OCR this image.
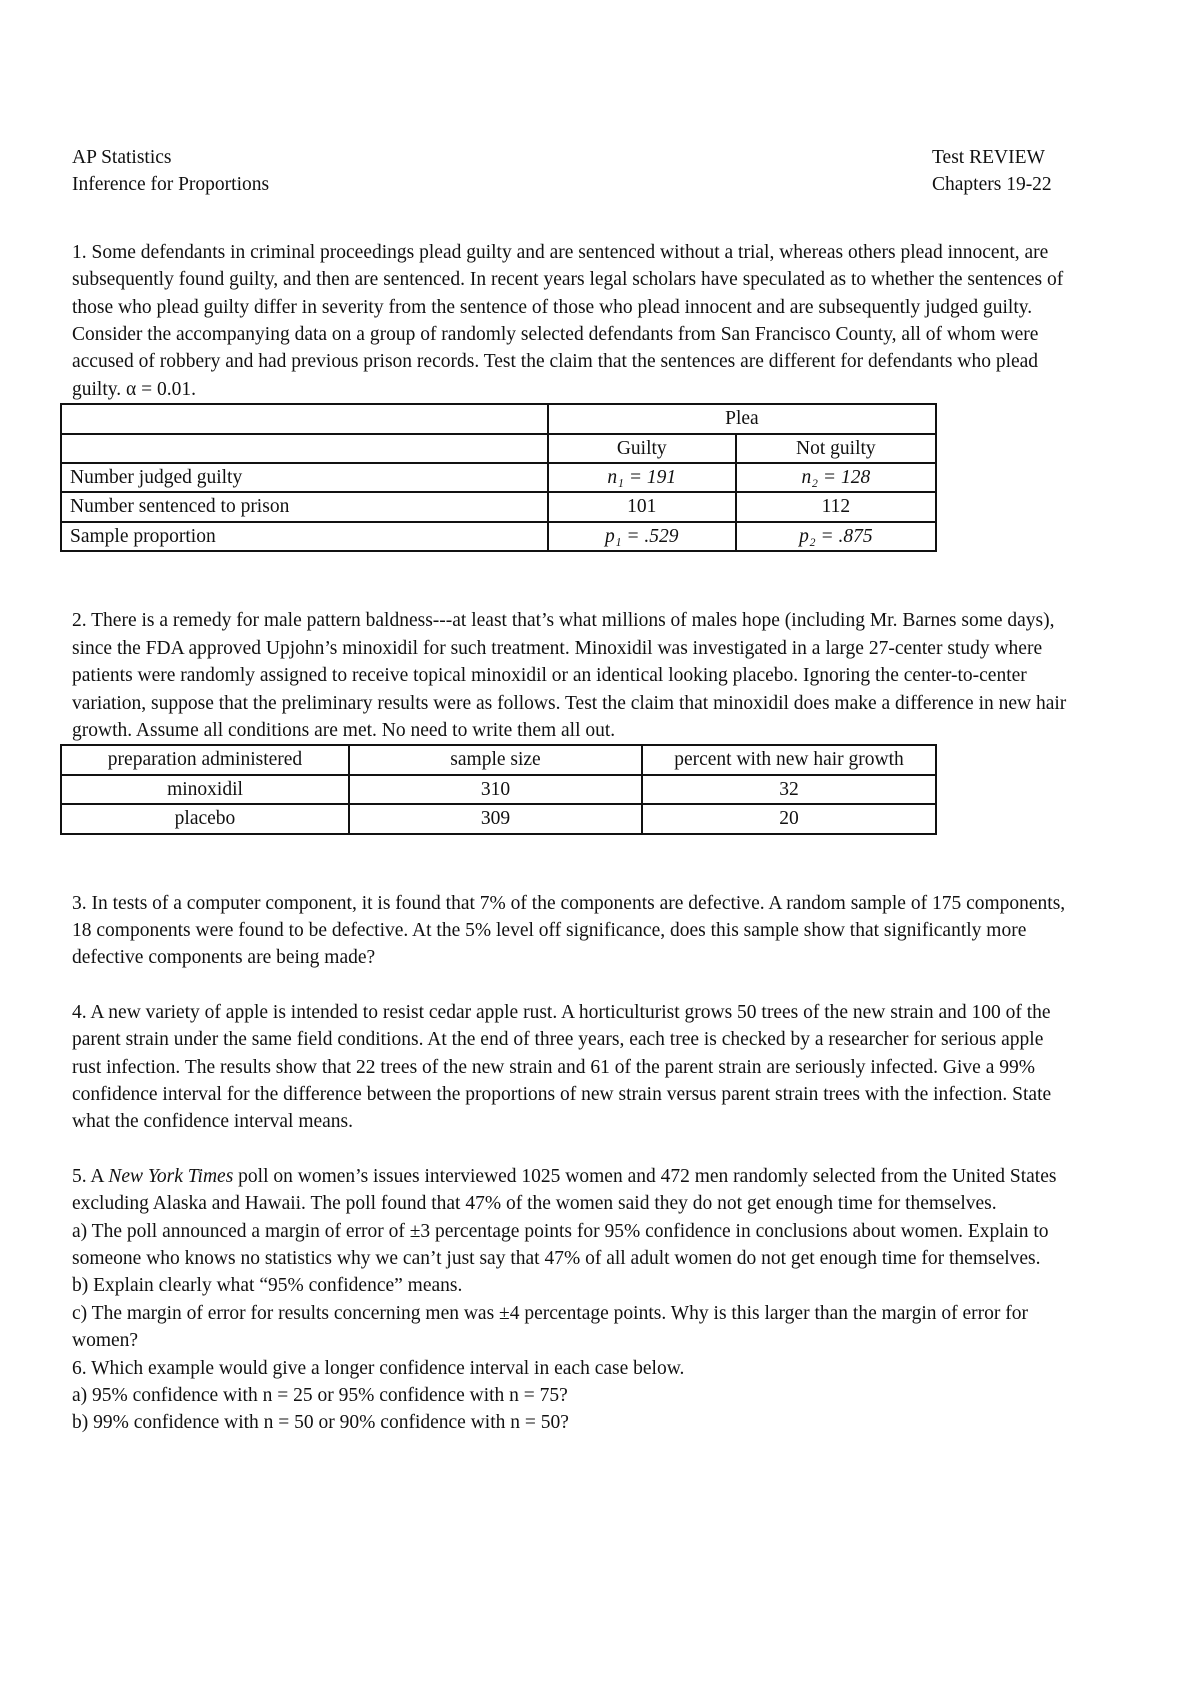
AP Statistics
Inference for Proportions
Test REVIEW
Chapters 19-22

1. Some defendants in criminal proceedings plead guilty and are sentenced without a trial, whereas others plead innocent, are subsequently found guilty, and then are sentenced. In recent years legal scholars have speculated as to whether the sentences of those who plead guilty differ in severity from the sentence of those who plead innocent and are subsequently judged guilty. Consider the accompanying data on a group of randomly selected defendants from San Francisco County, all of whom were accused of robbery and had previous prison records. Test the claim that the sentences are different for defendants who plead guilty. α = 0.01.

	Plea	
	Guilty	Not guilty
Number judged guilty	n₁ = 191	n₂ = 128
Number sentenced to prison	101	112
Sample proportion	p₁ = .529	p₂ = .875

2. There is a remedy for male pattern baldness---at least that’s what millions of males hope (including Mr. Barnes some days), since the FDA approved Upjohn’s minoxidil for such treatment. Minoxidil was investigated in a large 27-center study where patients were randomly assigned to receive topical minoxidil or an identical looking placebo. Ignoring the center-to-center variation, suppose that the preliminary results were as follows. Test the claim that minoxidil does make a difference in new hair growth. Assume all conditions are met. No need to write them all out.

preparation administered	sample size	percent with new hair growth
minoxidil	310	32
placebo	309	20

3. In tests of a computer component, it is found that 7% of the components are defective. A random sample of 175 components, 18 components were found to be defective. At the 5% level off significance, does this sample show that significantly more defective components are being made?

4. A new variety of apple is intended to resist cedar apple rust. A horticulturist grows 50 trees of the new strain and 100 of the parent strain under the same field conditions. At the end of three years, each tree is checked by a researcher for serious apple rust infection. The results show that 22 trees of the new strain and 61 of the parent strain are seriously infected. Give a 99% confidence interval for the difference between the proportions of new strain versus parent strain trees with the infection. State what the confidence interval means.

5. A New York Times poll on women’s issues interviewed 1025 women and 472 men randomly selected from the United States excluding Alaska and Hawaii. The poll found that 47% of the women said they do not get enough time for themselves.

a) The poll announced a margin of error of ±3 percentage points for 95% confidence in conclusions about women. Explain to someone who knows no statistics why we can’t just say that 47% of all adult women do not get enough time for themselves.

b) Explain clearly what “95% confidence” means.

c) The margin of error for results concerning men was ±4 percentage points. Why is this larger than the margin of error for women?

6. Which example would give a longer confidence interval in each case below.

a) 95% confidence with n = 25 or 95% confidence with n = 75?

b) 99% confidence with n = 50 or 90% confidence with n = 50?
